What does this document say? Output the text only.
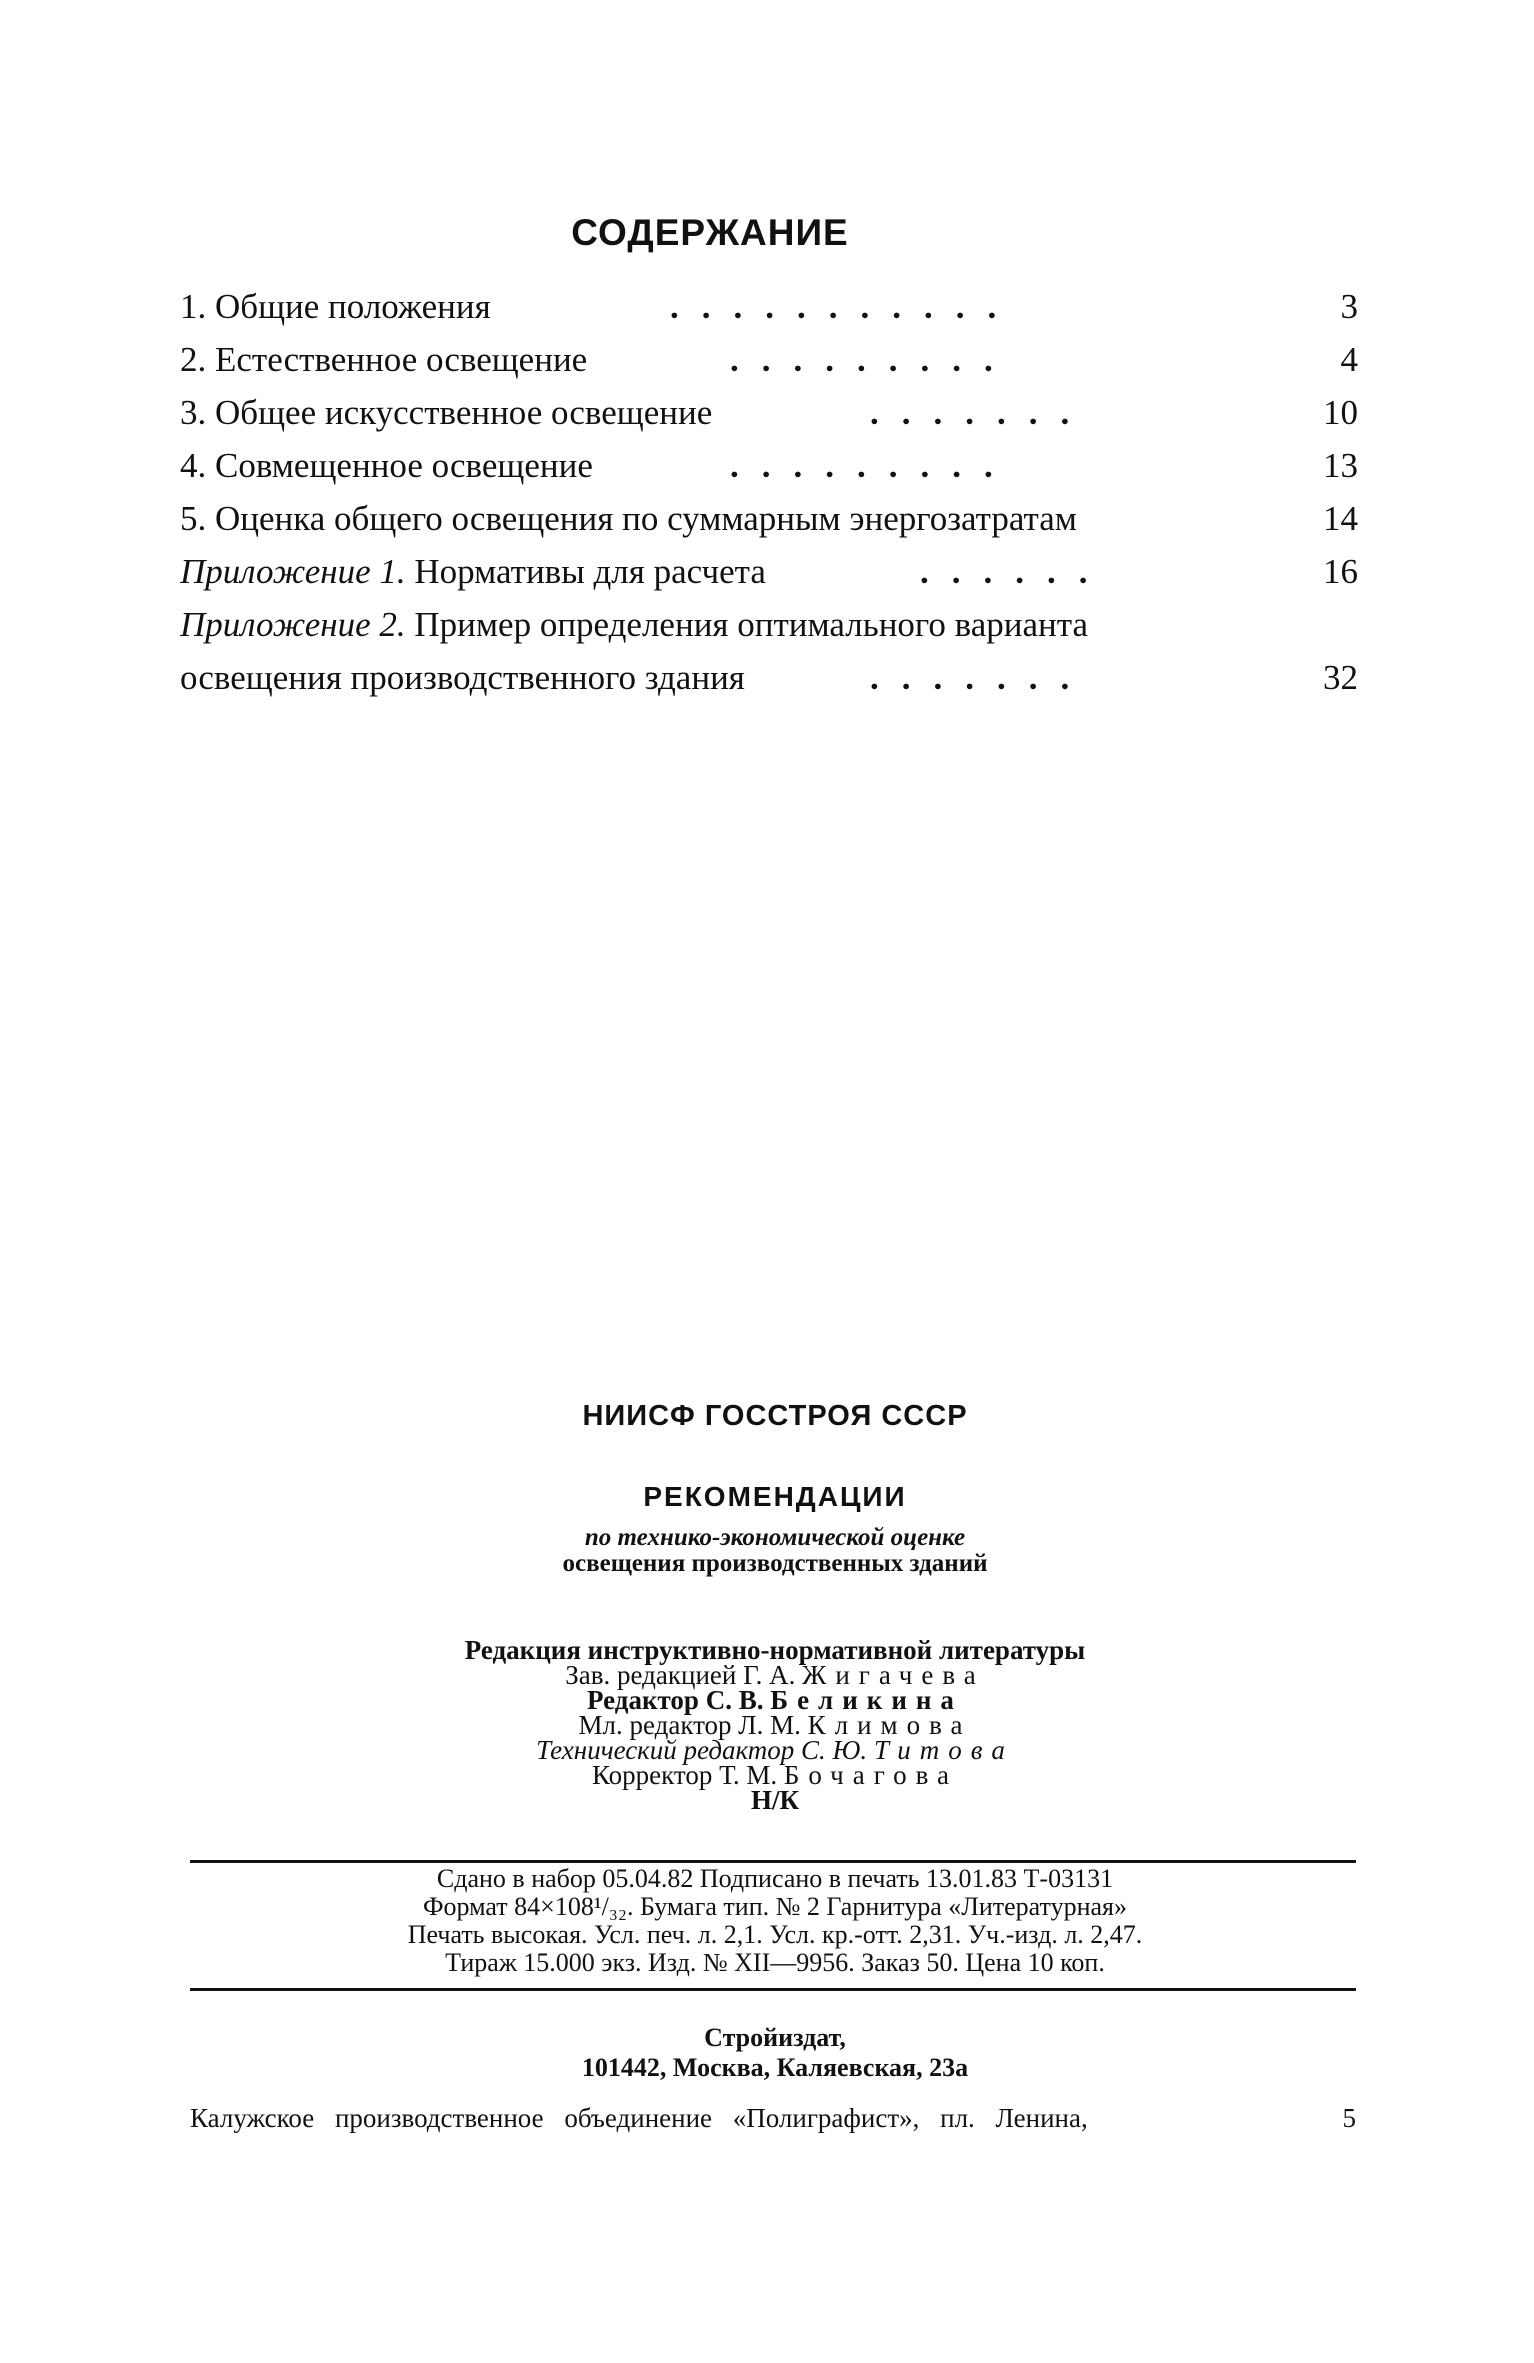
СОДЕРЖАНИЕ
1. Общие положения	...........	3
2. Естественное освещение	.........	4
3. Общее искусственное освещение	.......	10
4. Совмещенное освещение	.........	13
5. Оценка общего освещения по суммарным энергозатратам	14
Приложение 1. Нормативы для расчета	......	16
Приложение 2. Пример определения оптимального варианта
освещения производственного здания	.......	32
НИИСФ ГОССТРОЯ СССР
РЕКОМЕНДАЦИИ
по технико-экономической оценке
освещения производственных зданий
Редакция инструктивно-нормативной литературы
Зав. редакцией Г. А. Жигачева
Редактор С. В. Беликина
Мл. редактор Л. М. Климова
Технический редактор С. Ю. Титова
Корректор Т. М. Бочагова
Н/К
Сдано в набор 05.04.82 Подписано в печать 13.01.83 Т-03131
Формат 84×108¹/₃₂. Бумага тип. № 2 Гарнитура «Литературная»
Печать высокая. Усл. печ. л. 2,1. Усл. кр.-отт. 2,31. Уч.-изд. л. 2,47.
Тираж 15.000 экз. Изд. № XII—9956. Заказ 50. Цена 10 коп.
Стройиздат,
101442, Москва, Каляевская, 23а
Калужское производственное объединение «Полиграфист», пл. Ленина,	5
